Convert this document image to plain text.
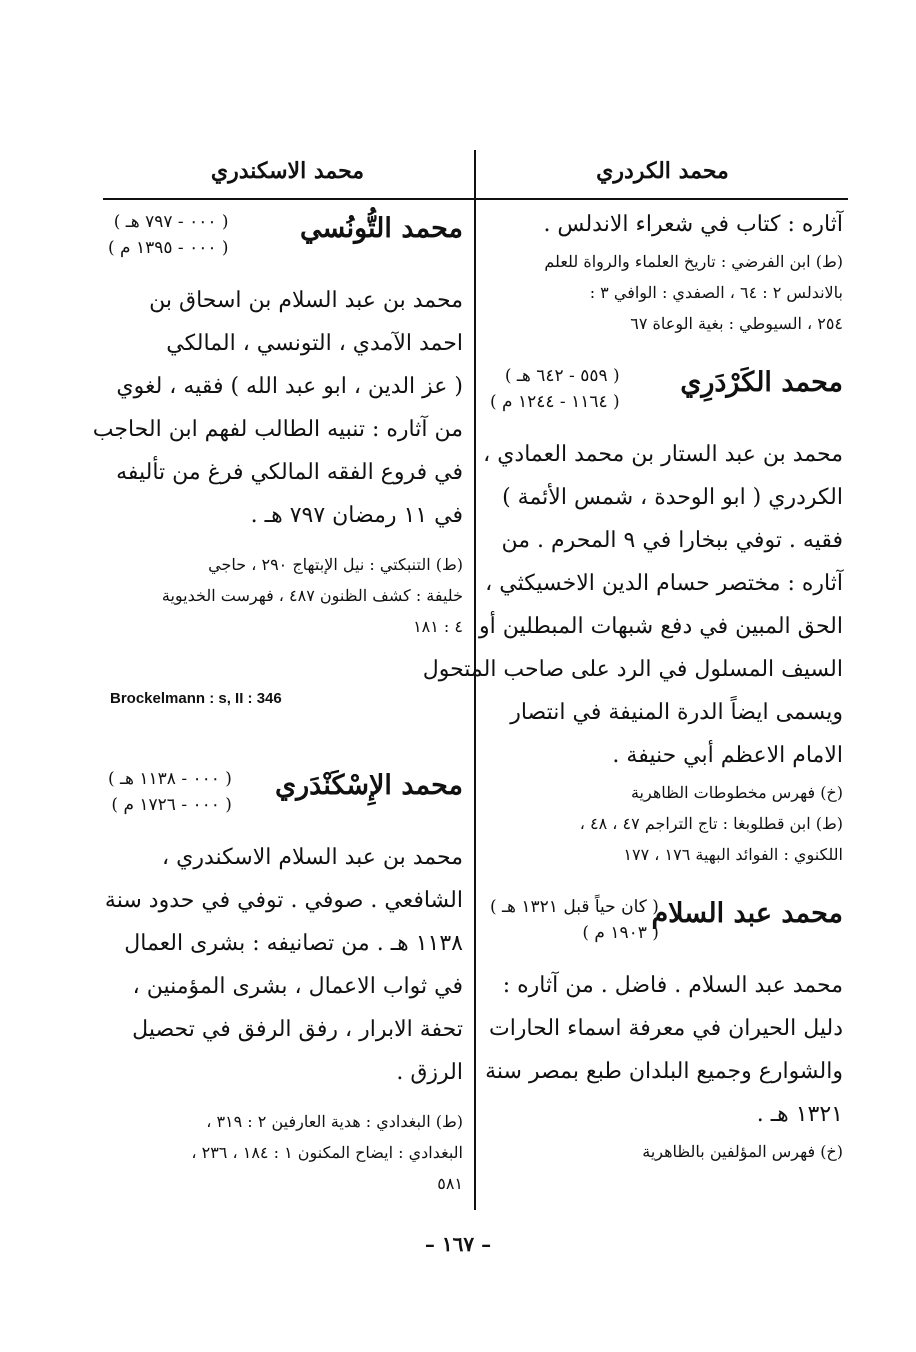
محمد الكردري
محمد الاسكندري
آثاره : كتاب في شعراء الاندلس .
(ط) ابن الفرضي : تاريخ العلماء والرواة للعلم
بالاندلس ٢ : ٦٤ ، الصفدي : الوافي ٣ :
٢٥٤ ، السيوطي : بغية الوعاة ٦٧
محمد الكَرْدَرِي
( ٥٥٩ - ٦٤٢ هـ )
( ١١٦٤ - ١٢٤٤ م )
محمد بن عبد الستار بن محمد العمادي ،
الكردري ( ابو الوحدة ، شمس الأئمة )
فقيه . توفي ببخارا في ٩ المحرم . من
آثاره : مختصر حسام الدين الاخسيكثي ،
الحق المبين في دفع شبهات المبطلين أو
السيف المسلول في الرد على صاحب المتحول
ويسمى ايضاً الدرة المنيفة في انتصار
الامام الاعظم أبي حنيفة .
(خ) فهرس مخطوطات الظاهرية
(ط) ابن قطلوبغا : تاج التراجم ٤٧ ، ٤٨ ،
اللكنوي : الفوائد البهية ١٧٦ ، ١٧٧
محمد عبد السلام
( كان حياً قبل ١٣٢١ هـ )
( ١٩٠٣ م )
محمد عبد السلام . فاضل . من آثاره :
دليل الحيران في معرفة اسماء الحارات
والشوارع وجميع البلدان طبع بمصر سنة
١٣٢١ هـ .
(خ) فهرس المؤلفين بالظاهرية
محمد التُّونُسي
( ٠٠٠ - ٧٩٧ هـ )
( ٠٠٠ - ١٣٩٥ م )
محمد بن عبد السلام بن اسحاق بن
احمد الآمدي ، التونسي ، المالكي
( عز الدين ، ابو عبد الله ) فقيه ، لغوي
من آثاره : تنبيه الطالب لفهم ابن الحاجب
في فروع الفقه المالكي فرغ من تأليفه
في ١١ رمضان ٧٩٧ هـ .
(ط) التنبكتي : نيل الإبتهاج ٢٩٠ ، حاجي
خليفة : كشف الظنون ٤٨٧ ، فهرست الخديوية
٤ : ١٨١
محمد الإِسْكَنْدَري
( ٠٠٠ - ١١٣٨ هـ )
( ٠٠٠ - ١٧٢٦ م )
محمد بن عبد السلام الاسكندري ،
الشافعي . صوفي . توفي في حدود سنة
١١٣٨ هـ . من تصانيفه : بشرى العمال
في ثواب الاعمال ، بشرى المؤمنين ،
تحفة الابرار ، رفق الرفق في تحصيل
الرزق .
(ط) البغدادي : هدية العارفين ٢ : ٣١٩ ،
البغدادي : ايضاح المكنون ١ : ١٨٤ ، ٢٣٦ ،
٥٨١
Brockelmann : s, II : 346
– ١٦٧ –
